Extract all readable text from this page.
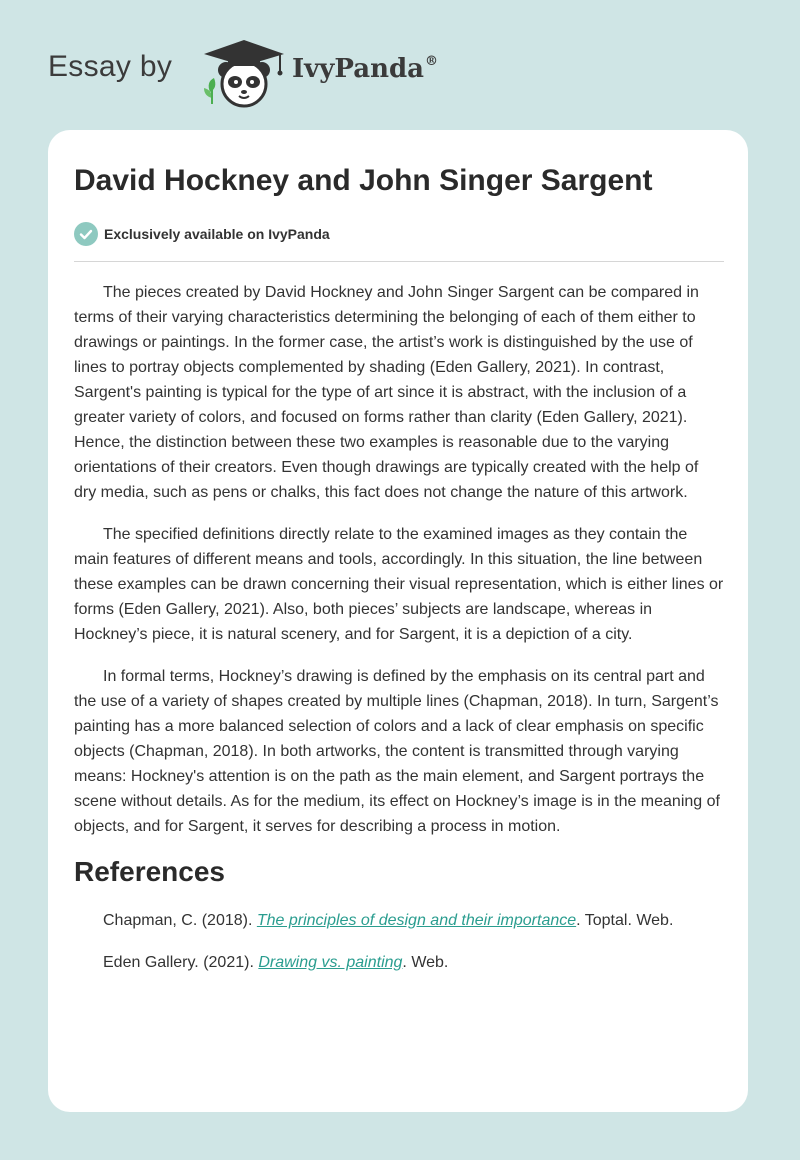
Essay by	IvyPanda®
David Hockney and John Singer Sargent
Exclusively available on IvyPanda

The pieces created by David Hockney and John Singer Sargent can be compared in terms of their varying characteristics determining the belonging of each of them either to drawings or paintings. In the former case, the artist’s work is distinguished by the use of lines to portray objects complemented by shading (Eden Gallery, 2021). In contrast, Sargent's painting is typical for the type of art since it is abstract, with the inclusion of a greater variety of colors, and focused on forms rather than clarity (Eden Gallery, 2021). Hence, the distinction between these two examples is reasonable due to the varying orientations of their creators. Even though drawings are typically created with the help of dry media, such as pens or chalks, this fact does not change the nature of this artwork.

The specified definitions directly relate to the examined images as they contain the main features of different means and tools, accordingly. In this situation, the line between these examples can be drawn concerning their visual representation, which is either lines or forms (Eden Gallery, 2021). Also, both pieces’ subjects are landscape, whereas in Hockney’s piece, it is natural scenery, and for Sargent, it is a depiction of a city.

In formal terms, Hockney’s drawing is defined by the emphasis on its central part and the use of a variety of shapes created by multiple lines (Chapman, 2018). In turn, Sargent’s painting has a more balanced selection of colors and a lack of clear emphasis on specific objects (Chapman, 2018). In both artworks, the content is transmitted through varying means: Hockney's attention is on the path as the main element, and Sargent portrays the scene without details. As for the medium, its effect on Hockney’s image is in the meaning of objects, and for Sargent, it serves for describing a process in motion.

References
Chapman, C. (2018). The principles of design and their importance. Toptal. Web.
Eden Gallery. (2021). Drawing vs. painting. Web.
